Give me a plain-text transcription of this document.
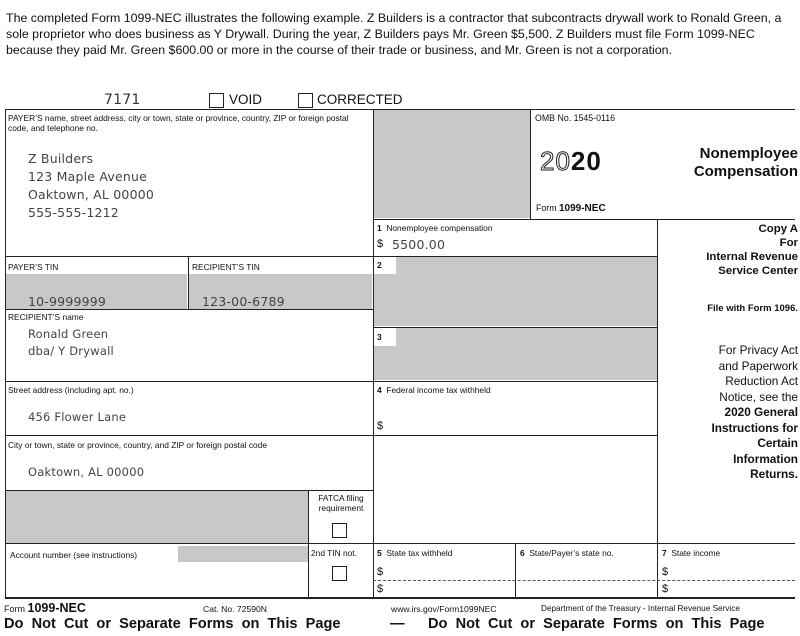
The completed Form 1099-NEC illustrates the following example. Z Builders is a contractor that subcontracts drywall work to Ronald Green, a sole proprietor who does business as Y Drywall. During the year, Z Builders pays Mr. Green $5,500. Z Builders must file Form 1099-NEC because they paid Mr. Green $600.00 or more in the course of their trade or business, and Mr. Green is not a corporation.
7171	VOID	CORRECTED
PAYER’S name, street address, city or town, state or province, country, ZIP or foreign postal code, and telephone no.
Z Builders
123 Maple Avenue
Oaktown, AL 00000
555-555-1212
OMB No. 1545-0116
2020
Form 1099-NEC
Nonemployee
Compensation
1 Nonemployee compensation
$ 5500.00
2
PAYER’S TIN	RECIPIENT’S TIN
10-9999999	123-00-6789
RECIPIENT’S name
Ronald Green
dba/ Y Drywall
3
Street address (including apt. no.)
456 Flower Lane
4 Federal income tax withheld
$
City or town, state or province, country, and ZIP or foreign postal code
Oaktown, AL 00000
FATCA filing requirement
Account number (see instructions)	2nd TIN not. 5 State tax withheld
$
$
6 State/Payer’s state no.	7 State income
$
$
Copy A
For
Internal Revenue
Service Center
File with Form 1096.
For Privacy Act
and Paperwork
Reduction Act
Notice, see the
2020 General
Instructions for
Certain
Information
Returns.
Form 1099-NEC	Cat. No. 72590N	www.irs.gov/Form1099NEC	Department of the Treasury - Internal Revenue Service
Do  Not  Cut  or  Separate  Forms  on  This  Page	— Do  Not  Cut  or  Separate  Forms  on  This  Page
